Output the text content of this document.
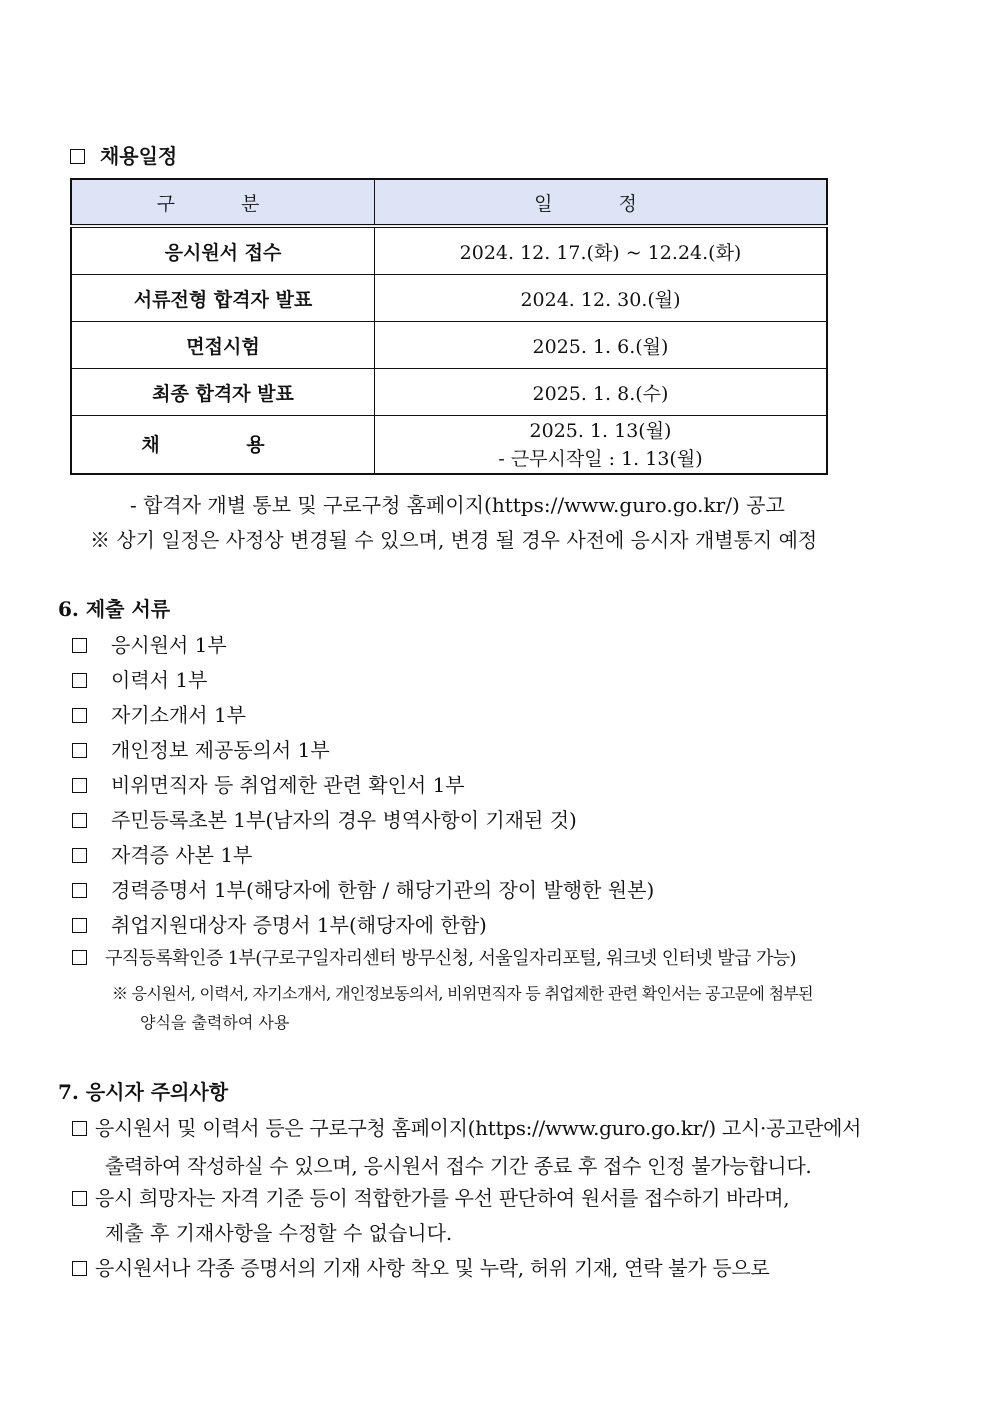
채용일정
구 분	일 정
응시원서 접수	2024. 12. 17.(화) ~ 12.24.(화)
서류전형 합격자 발표	2024. 12. 30.(월)
면접시험	2025. 1. 6.(월)
최종 합격자 발표	2025. 1. 8.(수)
채 용	2025. 1. 13(월)
- 근무시작일 : 1. 13(월)
- 합격자 개별 통보 및 구로구청 홈페이지(https://www.guro.go.kr/) 공고
※ 상기 일정은 사정상 변경될 수 있으며, 변경 될 경우 사전에 응시자 개별통지 예정
6. 제출 서류
응시원서 1부
이력서 1부
자기소개서 1부
개인정보 제공동의서 1부
비위면직자 등 취업제한 관련 확인서 1부
주민등록초본 1부(남자의 경우 병역사항이 기재된 것)
자격증 사본 1부
경력증명서 1부(해당자에 한함 / 해당기관의 장이 발행한 원본)
취업지원대상자 증명서 1부(해당자에 한함)
구직등록확인증 1부(구로구일자리센터 방무신청, 서울일자리포털, 워크넷 인터넷 발급 가능)
※ 응시원서, 이력서, 자기소개서, 개인정보동의서, 비위면직자 등 취업제한 관련 확인서는 공고문에 첨부된
양식을 출력하여 사용
7. 응시자 주의사항
응시원서 및 이력서 등은 구로구청 홈페이지(https://www.guro.go.kr/) 고시·공고란에서
출력하여 작성하실 수 있으며, 응시원서 접수 기간 종료 후 접수 인정 불가능합니다.
응시 희망자는 자격 기준 등이 적합한가를 우선 판단하여 원서를 접수하기 바라며,
제출 후 기재사항을 수정할 수 없습니다.
응시원서나 각종 증명서의 기재 사항 착오 및 누락, 허위 기재, 연락 불가 등으로
